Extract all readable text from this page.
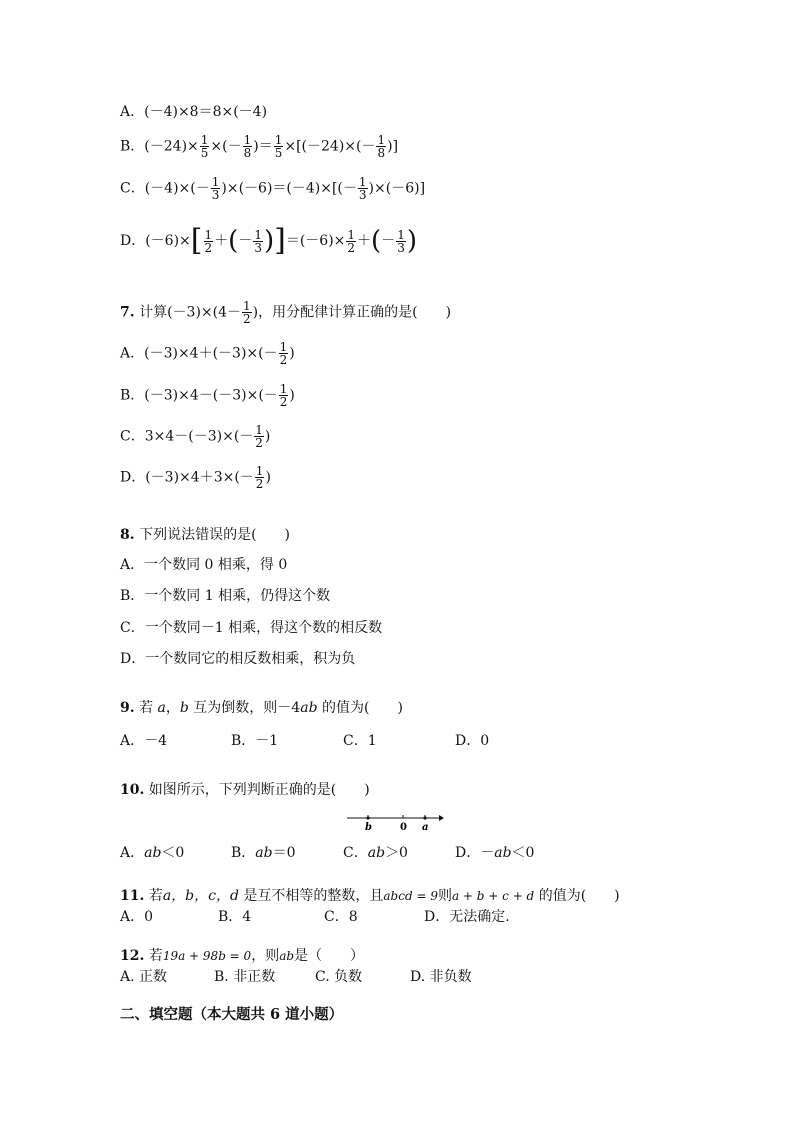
A．(－4)×8＝8×(－4)
B．$(-24)\times \frac{1}{5}$ ×(－ $\frac{1}{8}$ )＝ $\frac{1}{5} \times[(-24)\times(- \frac{1}{8}$ )]
C．$(-4)\times(- \frac{1}{3} )\times(-6)=(-4)\times[(- \frac{1}{3} )\times(-6)]$
D．$(-6)\times[ \frac{1}{2}$ ＋(－ $\frac{1}{3} )]=(-6)\times \frac{1}{2}$ ＋(－ $\frac{1}{3}$ )
7. 计算$(-3)\times(4- \frac{1}{2}$ )，用分配律计算正确的是(　　)
A．$(-3)\times 4+(-3)\times(- \frac{1}{2}$ )
B．$(-3)\times 4-(-3)\times(- \frac{1}{2}$ )
C．$3\times 4-(-3)\times(- \frac{1}{2}$ )
D．$(-3)\times 4+3\times(- \frac{1}{2}$ )
8. 下列说法错误的是(　　)
A．一个数同 0 相乘，得 0
B．一个数同 1 相乘，仍得这个数
C．一个数同－1 相乘，得这个数的相反数
D．一个数同它的相反数相乘，积为负
9. 若 a，b 互为倒数，则－4ab 的值为(　　)
A．－4	B．－1	C．1	D．0
10. 如图所示，下列判断正确的是(　　)
b	0 a
A．ab＜0	B．ab＝0	C．ab＞0	D．－ab＜0
11. 若a，b，c，d 是互不相等的整数，且abcd = 9则a + b + c + d 的值为(　　)
A．0	B．4	C．8	D．无法确定.
12. 若19a + 98b = 0，则ab是（　　）
A. 正数	B. 非正数	C. 负数	D. 非负数
二、填空题（本大题共 6 道小题）
